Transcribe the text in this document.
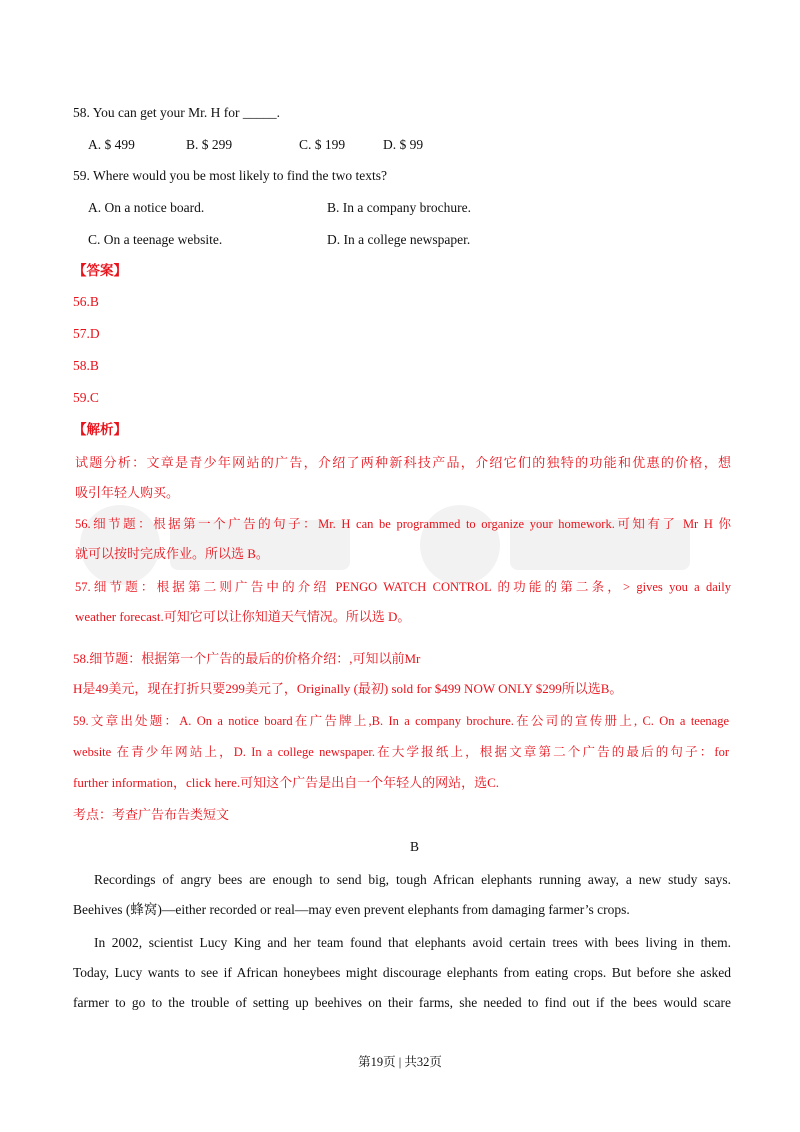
58. You can get your Mr. H for _____.
A. $ 499	B. $ 299	C. $ 199	D. $ 99
59. Where would you be most likely to find the two texts?
A. On a notice board.	B. In a company brochure.
C. On a teenage website.	D. In a college newspaper.
【答案】
56.B
57.D
58.B
59.C
【解析】
试题分析：文章是青少年网站的广告，介绍了两种新科技产品，介绍它们的独特的功能和优惠的价格，想
吸引年轻人购买。
56.细节题：根据第一个广告的句子：Mr. H can be programmed to organize your homework.可知有了 Mr H 你
就可以按时完成作业。所以选 B。
57.细节题：根据第二则广告中的介绍 PENGO WATCH CONTROL 的功能的第二条，> gives you a daily
weather forecast.可知它可以让你知道天气情况。所以选 D。
58.细节题：根据第一个广告的最后的价格介绍：,可知以前Mr
H是49美元，现在打折只要299美元了，Originally (最初) sold for $499 NOW ONLY $299所以选B。
59.文章出处题：A. On a notice board在广告牌上,B. In a company brochure.在公司的宣传册上, C. On a teenage
website 在青少年网站上，D. In a college newspaper.在大学报纸上，根据文章第二个广告的最后的句子：for
further information，click here.可知这个广告是出自一个年轻人的网站，选C.
考点：考查广告布告类短文
B
Recordings of angry bees are enough to send big, tough African elephants running away, a new study says.
Beehives (蜂窝)—either recorded or real—may even prevent elephants from damaging farmer’s crops.
In 2002, scientist Lucy King and her team found that elephants avoid certain trees with bees living in them.
Today, Lucy wants to see if African honeybees might discourage elephants from eating crops. But before she asked
farmer to go to the trouble of setting up beehives on their farms, she needed to find out if the bees would scare
第19页 | 共32页
